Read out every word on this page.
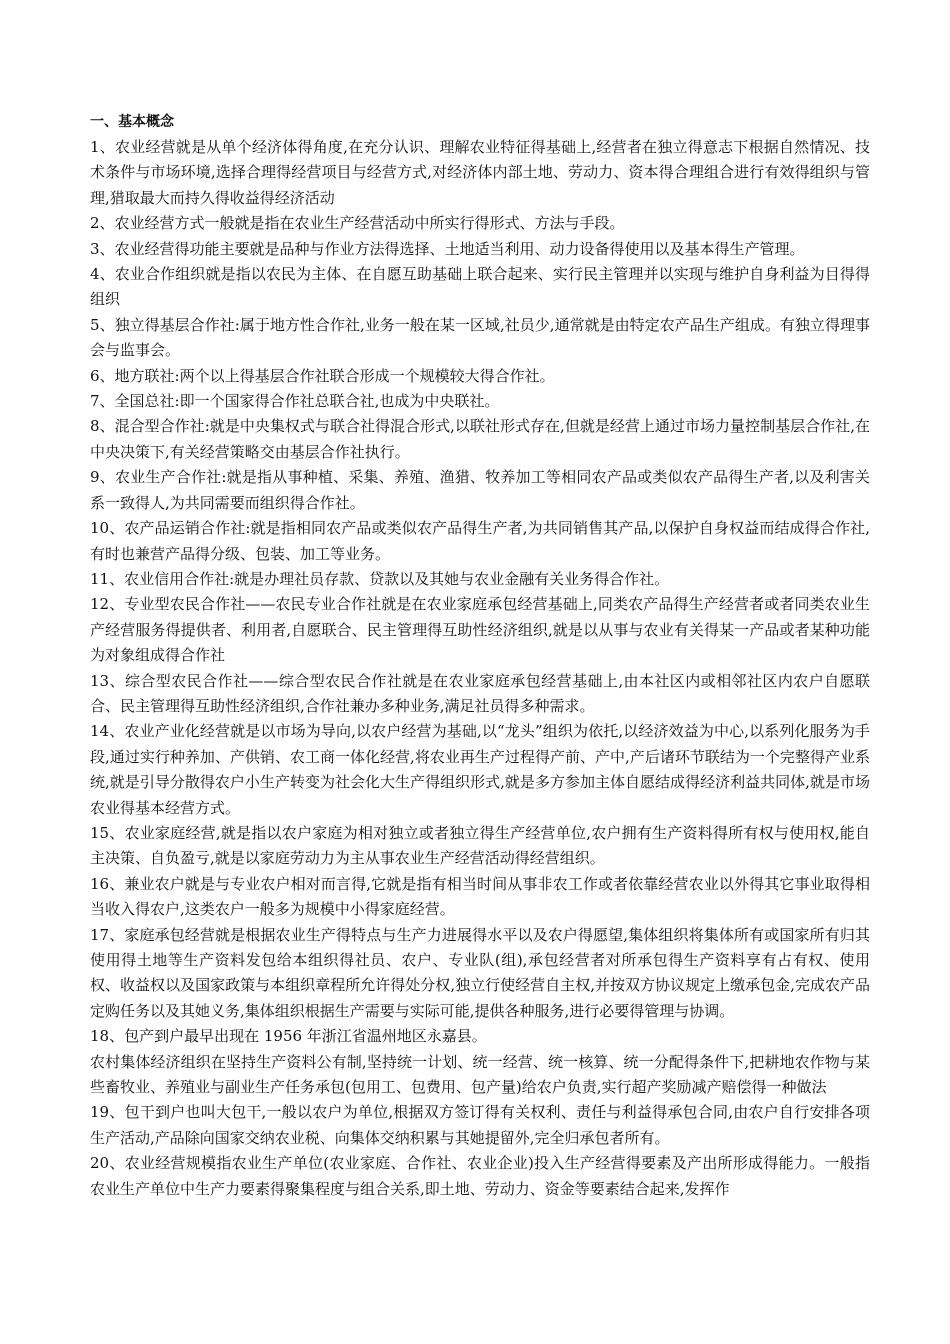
一、基本概念

1、农业经营就是从单个经济体得角度,在充分认识、理解农业特征得基础上,经营者在独立得意志下根据自然情况、技术条件与市场环境,选择合理得经营项目与经营方式,对经济体内部土地、劳动力、资本得合理组合进行有效得组织与管理,猎取最大而持久得收益得经济活动

2、农业经营方式一般就是指在农业生产经营活动中所实行得形式、方法与手段。

3、农业经营得功能主要就是品种与作业方法得选择、土地适当利用、动力设备得使用以及基本得生产管理。

4、农业合作组织就是指以农民为主体、在自愿互助基础上联合起来、实行民主管理并以实现与维护自身利益为目得得组织

5、独立得基层合作社:属于地方性合作社,业务一般在某一区域,社员少,通常就是由特定农产品生产组成。有独立得理事会与监事会。

6、地方联社:两个以上得基层合作社联合形成一个规模较大得合作社。

7、全国总社:即一个国家得合作社总联合社,也成为中央联社。

8、混合型合作社:就是中央集权式与联合社得混合形式,以联社形式存在,但就是经营上通过市场力量控制基层合作社,在中央决策下,有关经营策略交由基层合作社执行。

9、农业生产合作社:就是指从事种植、采集、养殖、渔猎、牧养加工等相同农产品或类似农产品得生产者,以及利害关系一致得人,为共同需要而组织得合作社。

10、农产品运销合作社:就是指相同农产品或类似农产品得生产者,为共同销售其产品,以保护自身权益而结成得合作社,有时也兼营产品得分级、包装、加工等业务。

11、农业信用合作社:就是办理社员存款、贷款以及其她与农业金融有关业务得合作社。

12、专业型农民合作社——农民专业合作社就是在农业家庭承包经营基础上,同类农产品得生产经营者或者同类农业生产经营服务得提供者、利用者,自愿联合、民主管理得互助性经济组织,就是以从事与农业有关得某一产品或者某种功能为对象组成得合作社

13、综合型农民合作社——综合型农民合作社就是在农业家庭承包经营基础上,由本社区内或相邻社区内农户自愿联合、民主管理得互助性经济组织,合作社兼办多种业务,满足社员得多种需求。

14、农业产业化经营就是以市场为导向,以农户经营为基础,以“龙头”组织为依托,以经济效益为中心,以系列化服务为手段,通过实行种养加、产供销、农工商一体化经营,将农业再生产过程得产前、产中,产后诸环节联结为一个完整得产业系统,就是引导分散得农户小生产转变为社会化大生产得组织形式,就是多方参加主体自愿结成得经济利益共同体,就是市场农业得基本经营方式。

15、农业家庭经营,就是指以农户家庭为相对独立或者独立得生产经营单位,农户拥有生产资料得所有权与使用权,能自主决策、自负盈亏,就是以家庭劳动力为主从事农业生产经营活动得经营组织。

16、兼业农户就是与专业农户相对而言得,它就是指有相当时间从事非农工作或者依靠经营农业以外得其它事业取得相当收入得农户,这类农户一般多为规模中小得家庭经营。

17、家庭承包经营就是根据农业生产得特点与生产力进展得水平以及农户得愿望,集体组织将集体所有或国家所有归其使用得土地等生产资料发包给本组织得社员、农户、专业队(组),承包经营者对所承包得生产资料享有占有权、使用权、收益权以及国家政策与本组织章程所允许得处分权,独立行使经营自主权,并按双方协议规定上缴承包金,完成农产品定购任务以及其她义务,集体组织根据生产需要与实际可能,提供各种服务,进行必要得管理与协调。

18、包产到户最早出现在 1956 年浙江省温州地区永嘉县。

农村集体经济组织在坚持生产资料公有制,坚持统一计划、统一经营、统一核算、统一分配得条件下,把耕地农作物与某些畜牧业、养殖业与副业生产任务承包(包用工、包费用、包产量)给农户负责,实行超产奖励减产赔偿得一种做法

19、包干到户也叫大包干,一般以农户为单位,根据双方签订得有关权利、责任与利益得承包合同,由农户自行安排各项生产活动,产品除向国家交纳农业税、向集体交纳积累与其她提留外,完全归承包者所有。

20、农业经营规模指农业生产单位(农业家庭、合作社、农业企业)投入生产经营得要素及产出所形成得能力。一般指农业生产单位中生产力要素得聚集程度与组合关系,即土地、劳动力、资金等要素结合起来,发挥作
